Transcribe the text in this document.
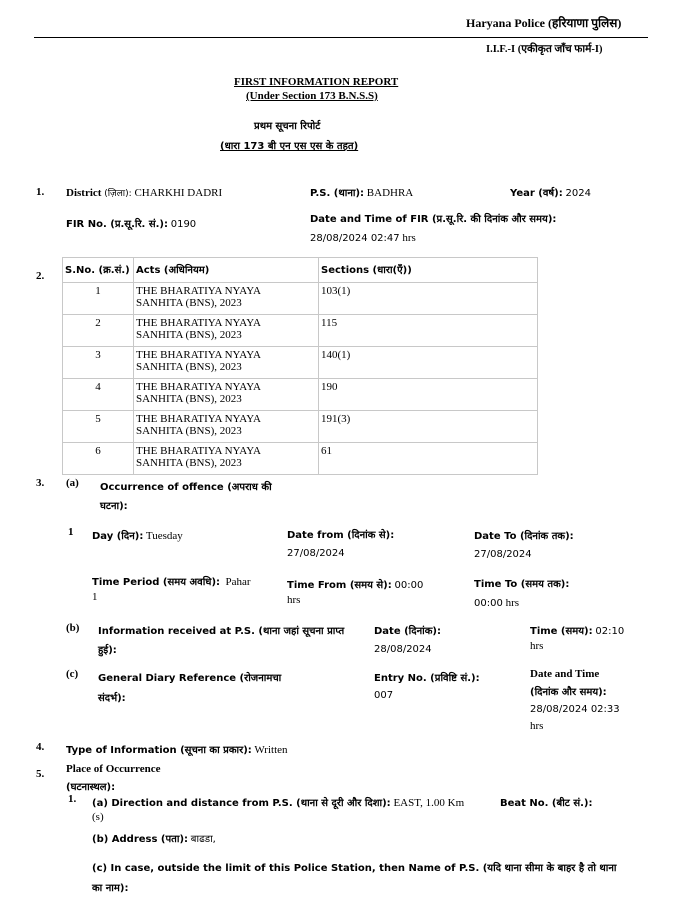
Haryana Police (हरियाणा पुलिस)
I.I.F.-I (एकीकृत जाँच फार्म-I)
FIRST INFORMATION REPORT
(Under Section 173 B.N.S.S)
प्रथम सूचना रिपोर्ट
(धारा 173 बी एन एस एस के तहत)
1. District (ज़िला): CHARKHI DADRI	P.S. (थाना): BADHRA	Year (वर्ष): 2024
FIR No. (प्र.सू.रि. सं.): 0190	Date and Time of FIR (प्र.सू.रि. की दिनांक और समय):
28/08/2024 02:47 hrs
2. S.No. (क्र.सं.)	Acts (अधिनियम)	Sections (धारा(एँ))
1	THE BHARATIYA NYAYA
SANHITA (BNS), 2023	103(1)
2	THE BHARATIYA NYAYA
SANHITA (BNS), 2023	115
3	THE BHARATIYA NYAYA
SANHITA (BNS), 2023	140(1)
4	THE BHARATIYA NYAYA
SANHITA (BNS), 2023	190
5	THE BHARATIYA NYAYA
SANHITA (BNS), 2023	191(3)
6	THE BHARATIYA NYAYA
SANHITA (BNS), 2023	61
3. (a) Occurrence of offence (अपराध की
घटना):
1 Day (दिन): Tuesday	Date from (दिनांक से):
27/08/2024
Date To (दिनांक तक):
27/08/2024
Time Period (समय अवधि): Pahar
1
Time From (समय से): 00:00
hrs
Time To (समय तक):
00:00 hrs
(b) Information received at P.S. (थाना जहां सूचना प्राप्त
हुई):
Date (दिनांक):
28/08/2024
Time (समय): 02:10
hrs
(c) General Diary Reference (रोजनामचा
संदर्भ):
Entry No. (प्रविष्टि सं.):
007
Date and Time
(दिनांक और समय):
28/08/2024 02:33
hrs
4. Type of Information (सूचना का प्रकार): Written
5. Place of Occurrence
(घटनास्थल):
1. (a) Direction and distance from P.S. (थाना से दूरी और दिशा): EAST, 1.00 Km
(s)
Beat No. (बीट सं.):
(b) Address (पता): बाढडा,
(c) In case, outside the limit of this Police Station, then Name of P.S. (यदि थाना सीमा के बाहर है तो थाना
का नाम):
